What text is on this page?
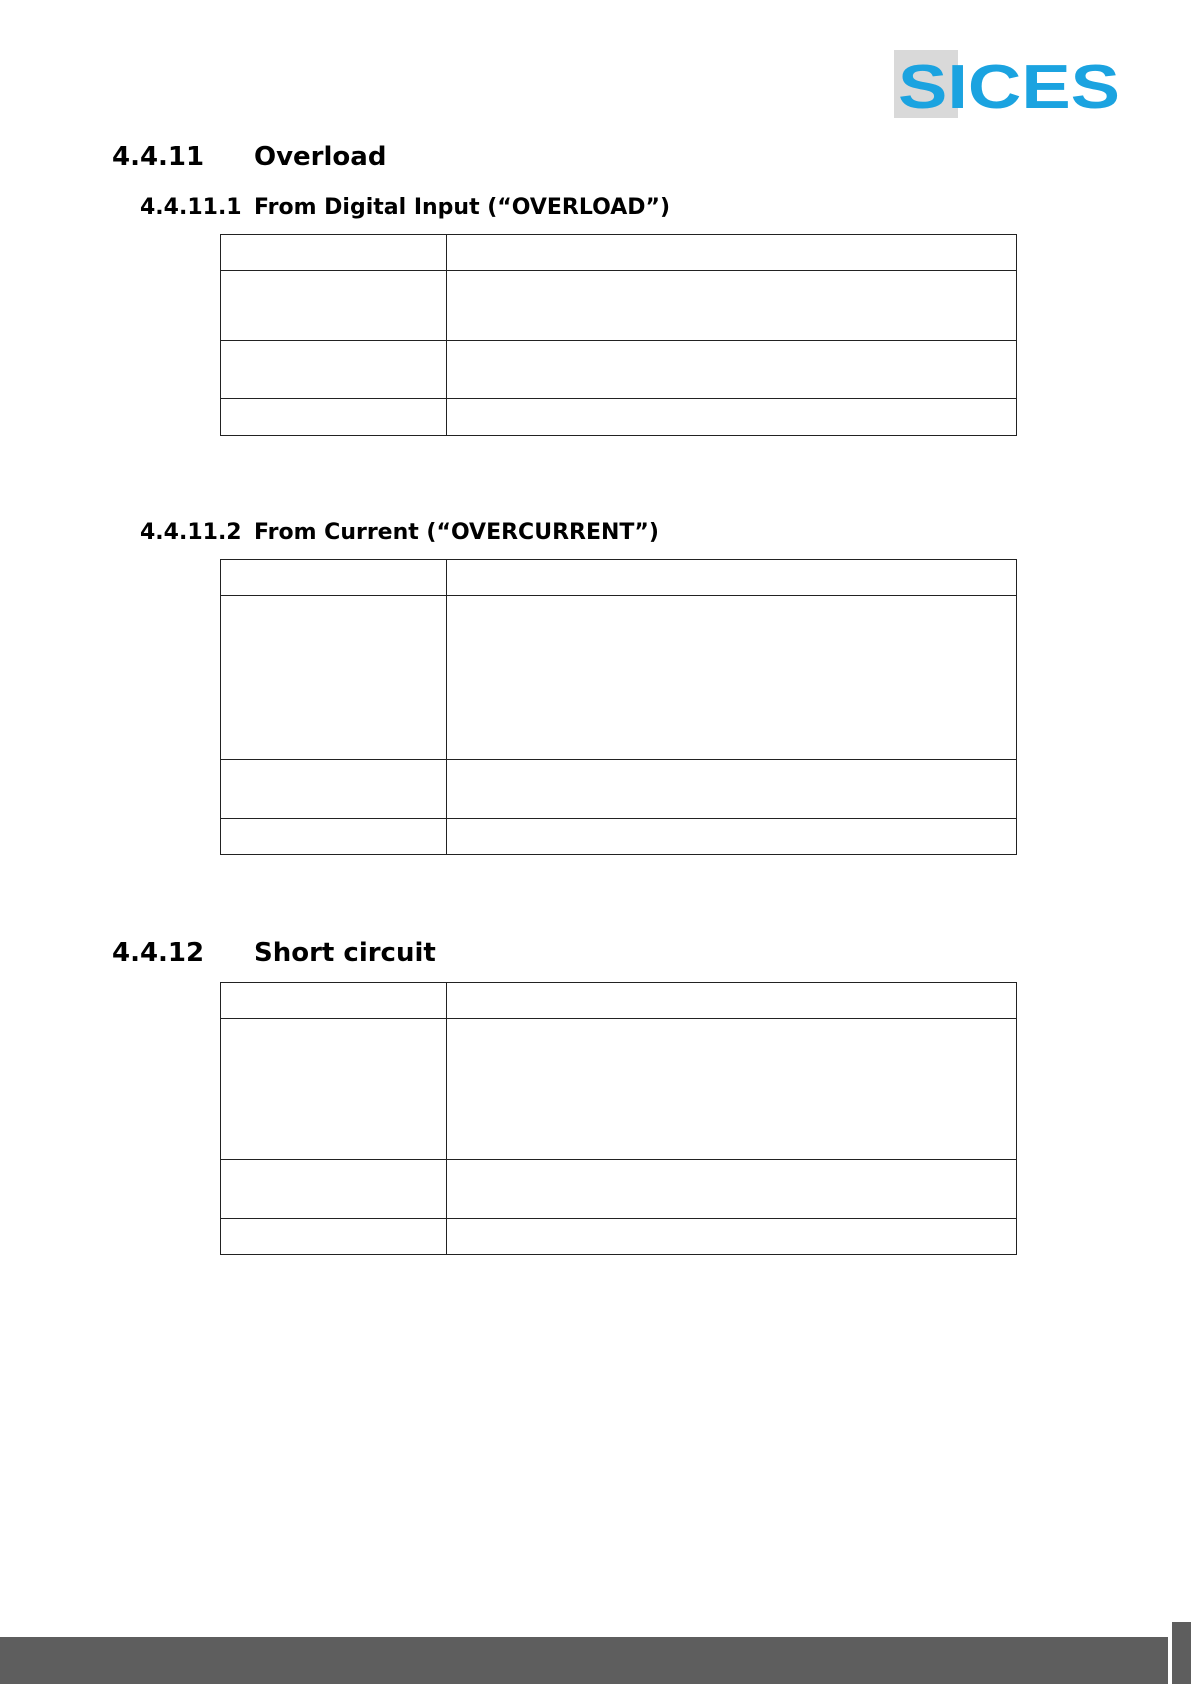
SICES
4.4.11 Overload
4.4.11.1 From Digital Input (“OVERLOAD”)

4.4.11.2 From Current (“OVERCURRENT”)

4.4.12 Short circuit
